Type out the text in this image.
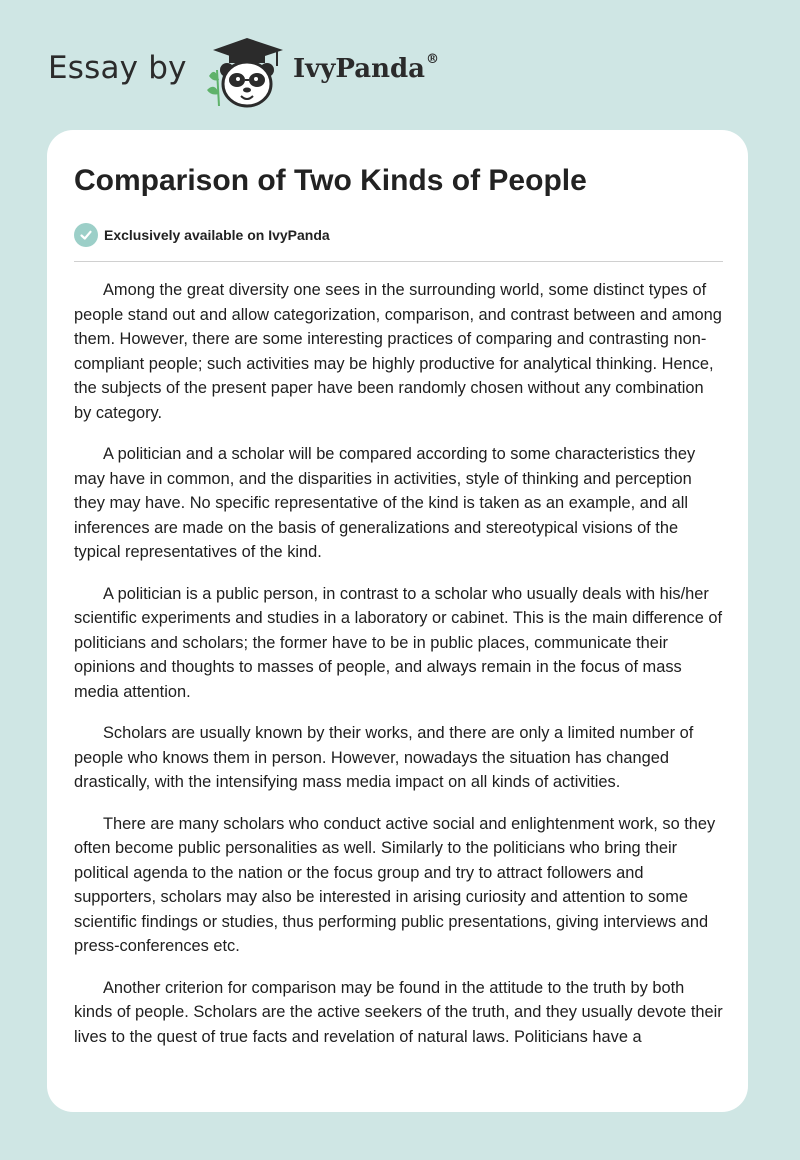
Essay by	IvyPanda®
Comparison of Two Kinds of People
Exclusively available on IvyPanda

Among the great diversity one sees in the surrounding world, some distinct types of people stand out and allow categorization, comparison, and contrast between and among them. However, there are some interesting practices of comparing and contrasting non-compliant people; such activities may be highly productive for analytical thinking. Hence, the subjects of the present paper have been randomly chosen without any combination by category.

A politician and a scholar will be compared according to some characteristics they may have in common, and the disparities in activities, style of thinking and perception they may have. No specific representative of the kind is taken as an example, and all inferences are made on the basis of generalizations and stereotypical visions of the typical representatives of the kind.

A politician is a public person, in contrast to a scholar who usually deals with his/her scientific experiments and studies in a laboratory or cabinet. This is the main difference of politicians and scholars; the former have to be in public places, communicate their opinions and thoughts to masses of people, and always remain in the focus of mass media attention.

Scholars are usually known by their works, and there are only a limited number of people who knows them in person. However, nowadays the situation has changed drastically, with the intensifying mass media impact on all kinds of activities.

There are many scholars who conduct active social and enlightenment work, so they often become public personalities as well. Similarly to the politicians who bring their political agenda to the nation or the focus group and try to attract followers and supporters, scholars may also be interested in arising curiosity and attention to some scientific findings or studies, thus performing public presentations, giving interviews and press-conferences etc.

Another criterion for comparison may be found in the attitude to the truth by both kinds of people. Scholars are the active seekers of the truth, and they usually devote their lives to the quest of true facts and revelation of natural laws. Politicians have a
